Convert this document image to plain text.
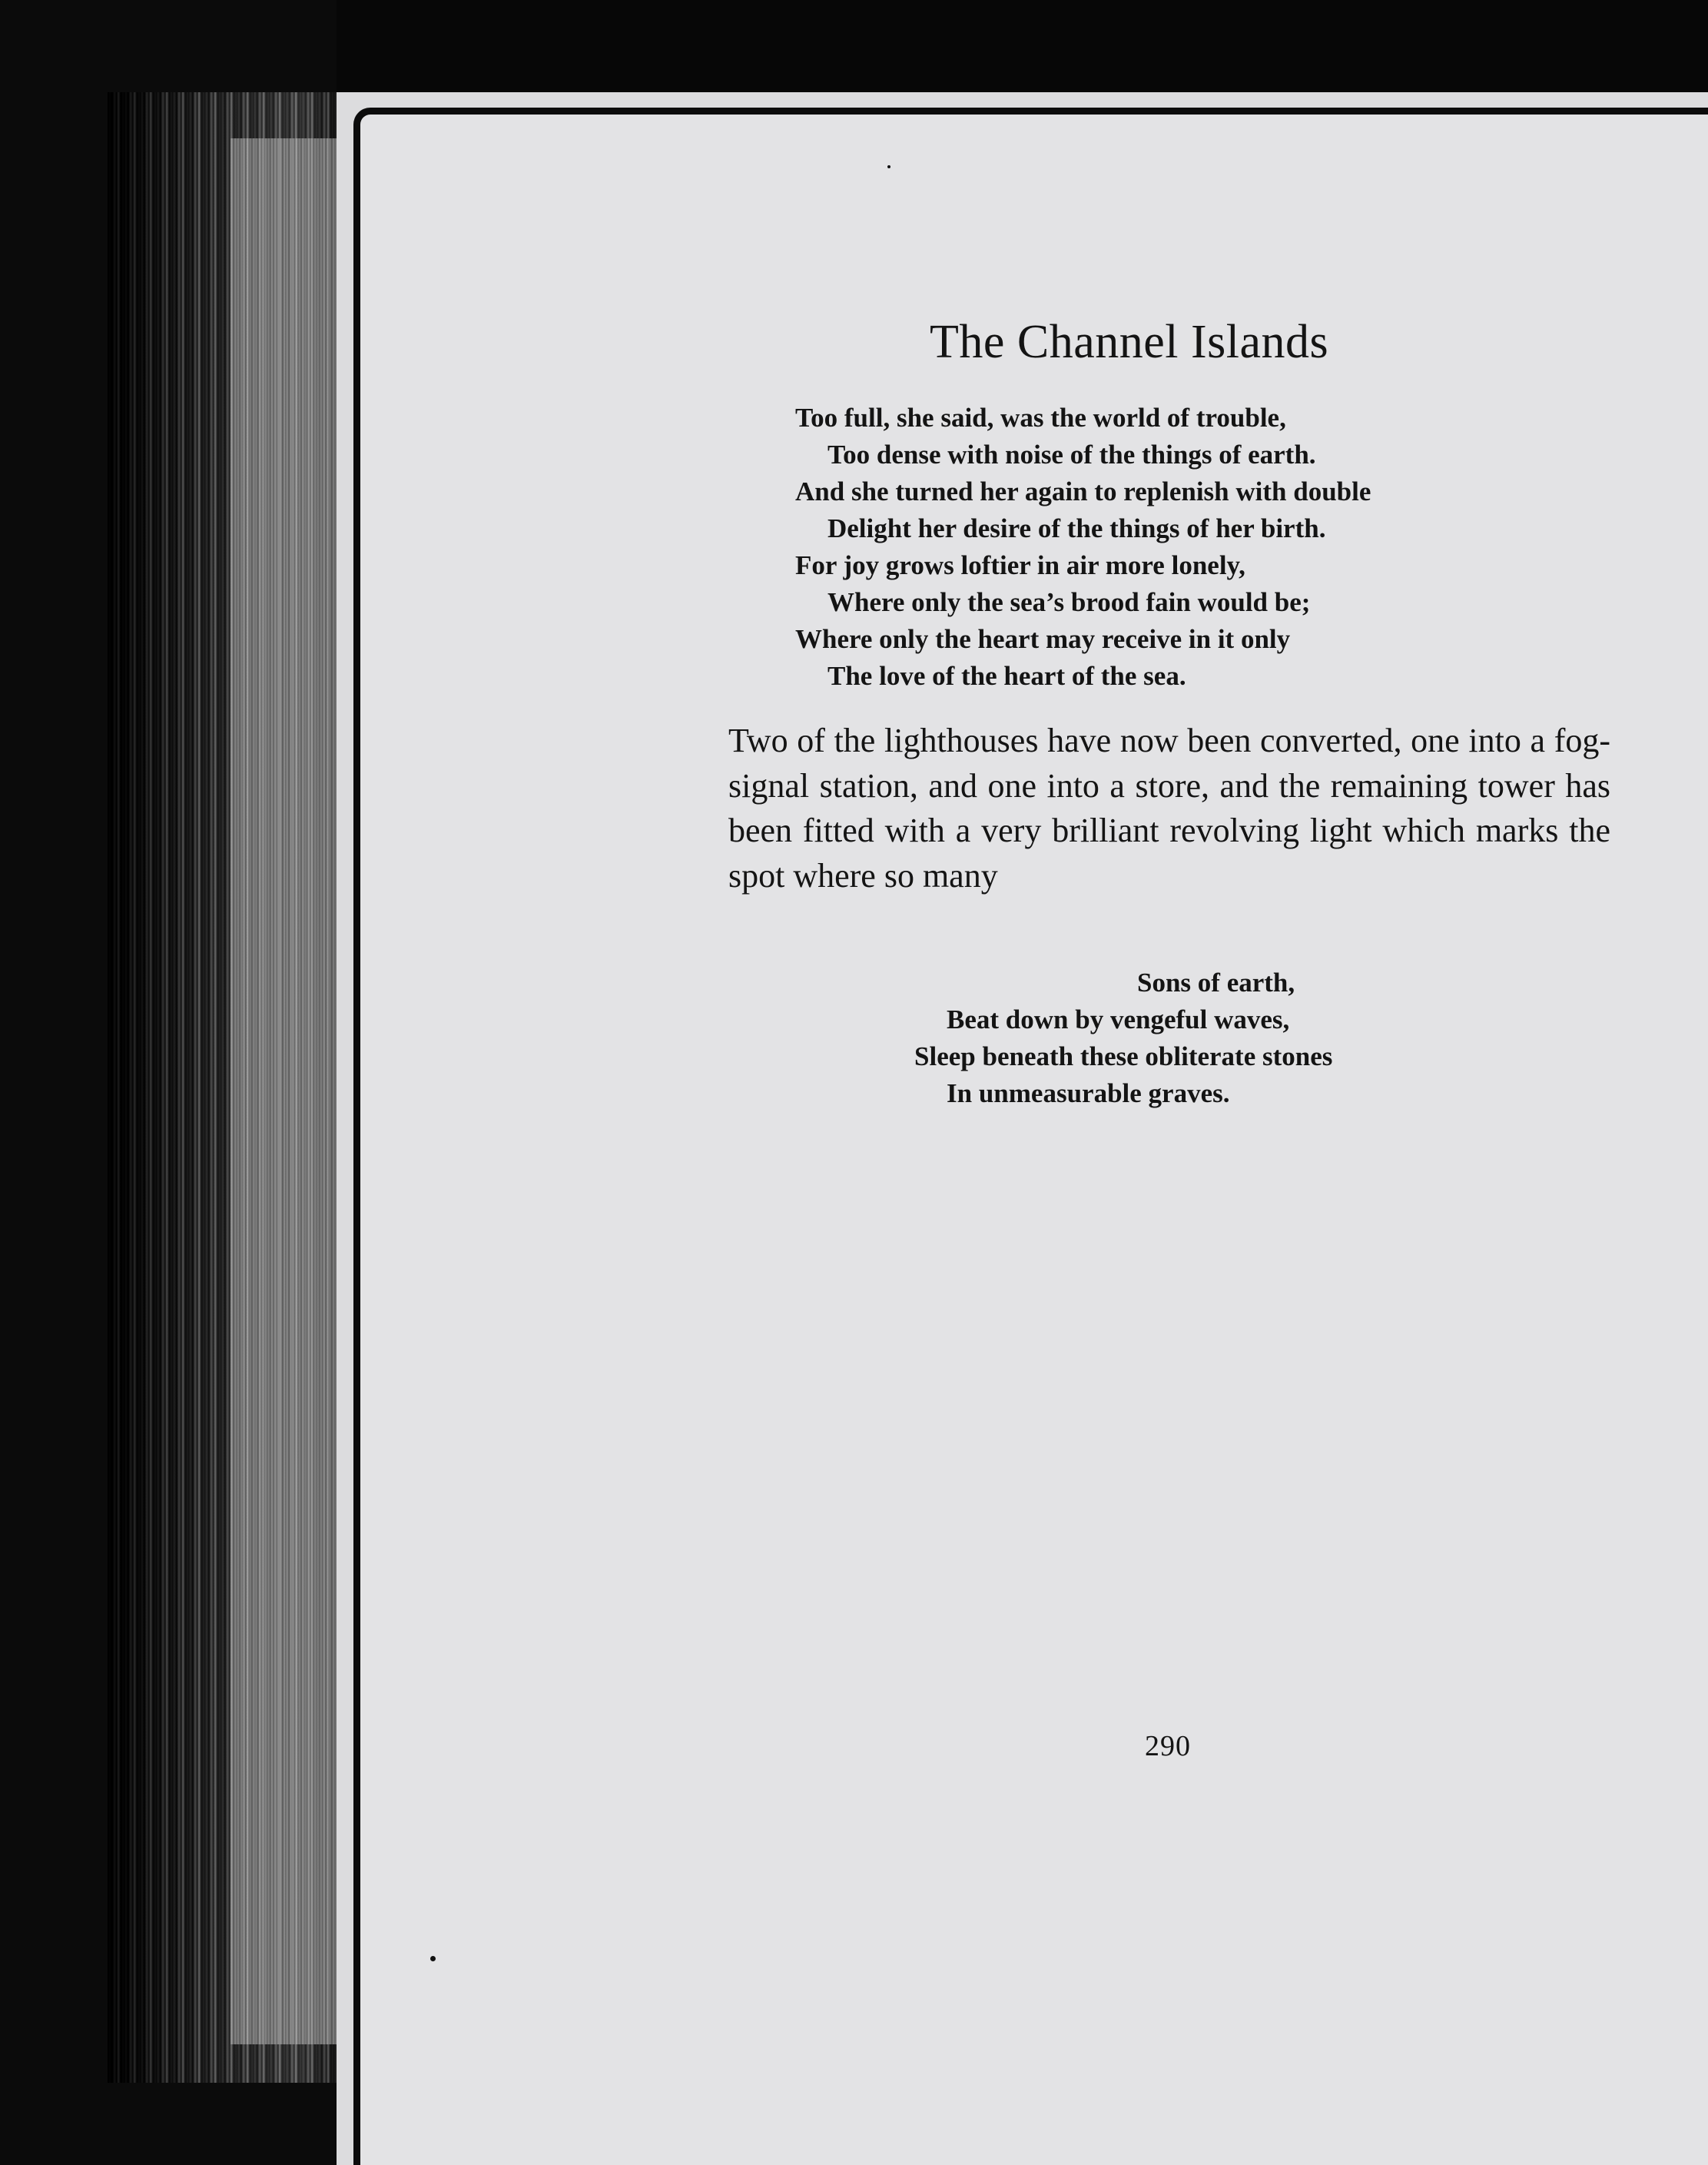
The Channel Islands
Too full, she said, was the world of trouble,
Too dense with noise of the things of earth.
And she turned her again to replenish with double
Delight her desire of the things of her birth.
For joy grows loftier in air more lonely,
Where only the sea’s brood fain would be;
Where only the heart may receive in it only
The love of the heart of the sea.

Two of the lighthouses have now been converted, one into a fog-signal station, and one into a store, and the remaining tower has been fitted with a very brilliant revolving light which marks the spot where so many

Sons of earth,
Beat down by vengeful waves,
Sleep beneath these obliterate stones
In unmeasurable graves.
290
